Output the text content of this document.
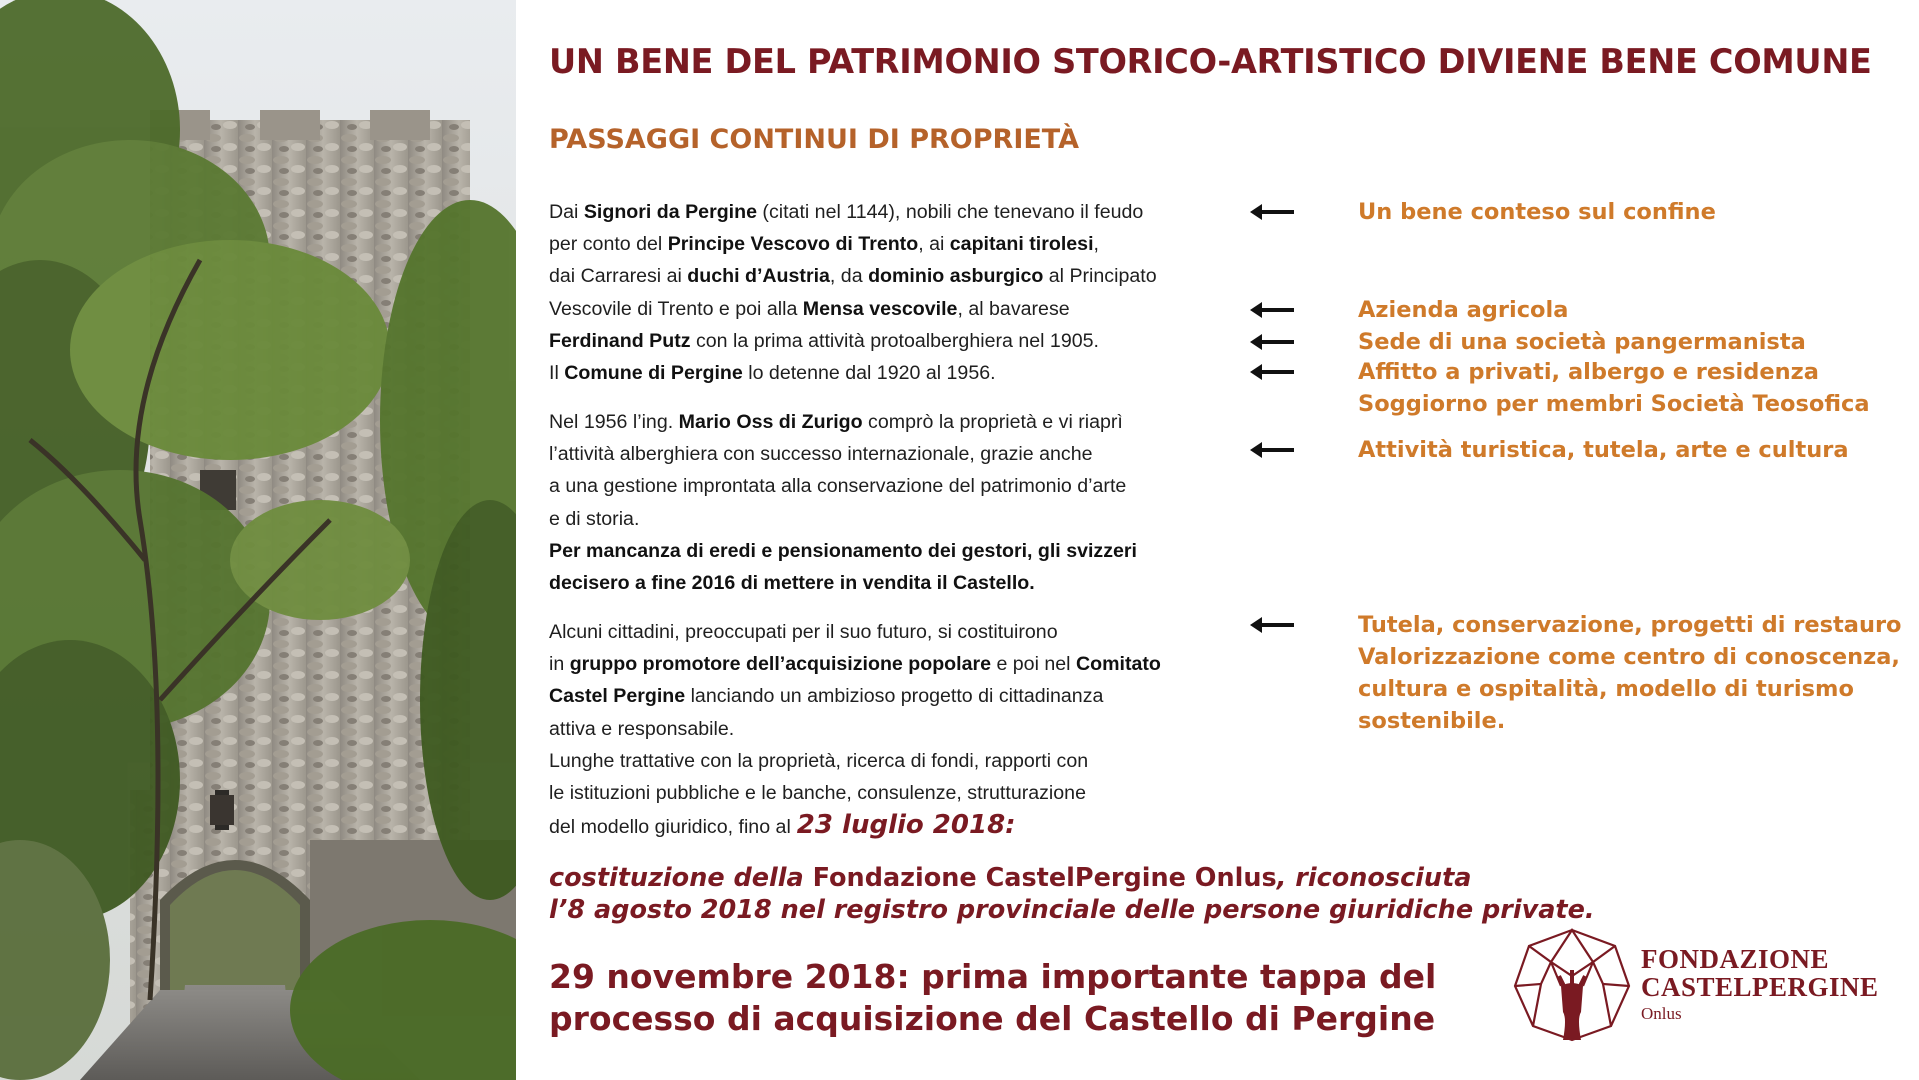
UN BENE DEL PATRIMONIO STORICO-ARTISTICO DIVIENE BENE COMUNE
PASSAGGI CONTINUI DI PROPRIETÀ
Dai Signori da Pergine (citati nel 1144), nobili che tenevano il feudo
per conto del Principe Vescovo di Trento, ai capitani tirolesi,
dai Carraresi ai duchi d’Austria, da dominio asburgico al Principato
Vescovile di Trento e poi alla Mensa vescovile, al bavarese
Ferdinand Putz con la prima attività protoalberghiera nel 1905.
Il Comune di Pergine lo detenne dal 1920 al 1956.
Nel 1956 l’ing. Mario Oss di Zurigo comprò la proprietà e vi riaprì
l’attività alberghiera con successo internazionale, grazie anche
a una gestione improntata alla conservazione del patrimonio d’arte
e di storia.
Per mancanza di eredi e pensionamento dei gestori, gli svizzeri
decisero a fine 2016 di mettere in vendita il Castello.
Alcuni cittadini, preoccupati per il suo futuro, si costituirono
in gruppo promotore dell’acquisizione popolare e poi nel Comitato
Castel Pergine lanciando un ambizioso progetto di cittadinanza
attiva e responsabile.
Lunghe trattative con la proprietà, ricerca di fondi, rapporti con
le istituzioni pubbliche e le banche, consulenze, strutturazione
del modello giuridico, fino al 23 luglio 2018:
costituzione della Fondazione CastelPergine Onlus, riconosciuta
l’8 agosto 2018 nel registro provinciale delle persone giuridiche private.
29 novembre 2018: prima importante tappa del
processo di acquisizione del Castello di Pergine
Un bene conteso sul confine
Azienda agricola
Sede di una società pangermanista
Affitto a privati, albergo e residenza
Soggiorno per membri Società Teosofica
Attività turistica, tutela, arte e cultura
Tutela, conservazione, progetti di restauro
Valorizzazione come centro di conoscenza,
cultura e ospitalità, modello di turismo
sostenibile.
FONDAZIONE
CASTELPERGINE
Onlus
